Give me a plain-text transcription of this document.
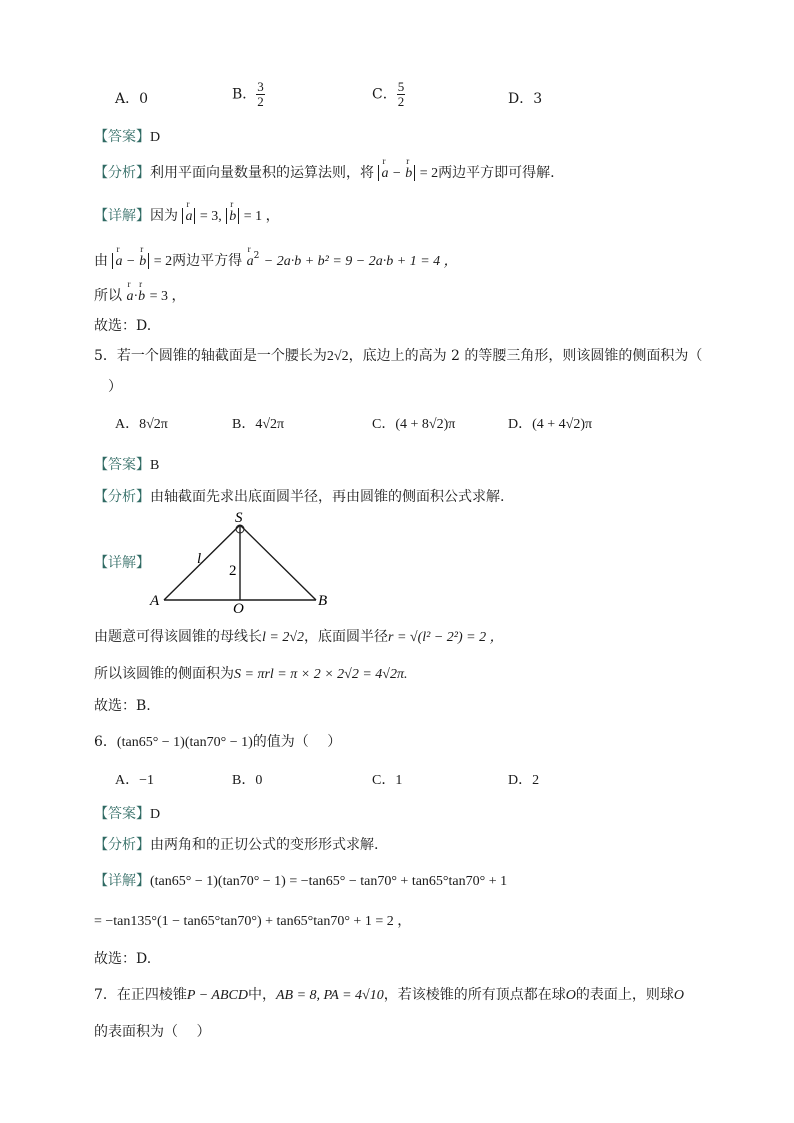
A．0	B． $\frac{3}{2}$	C． $\frac{5}{2}$	D．3
【答案】D
【分析】利用平面向量数量积的运算法则，将 r a − r b = 2两边平方即可得解.
【详解】因为 r a = 3, r b = 1 ，
由 r a − r b = 2两边平方得 r $a^2 - 2a\cdot b + b^2 = 9 - 2a\cdot b + 1 = 4$ ，
所以 r a·r b = 3 ，
故选：D.
5．若一个圆锥的轴截面是一个腰长为2√2，底边上的高为 2 的等腰三角形，则该圆锥的侧面积为（
）
A．8√2π	B．4√2π	C．(4 + 8√2)π	D．(4 + 4√2)π
【答案】B
【分析】由轴截面先求出底面圆半径，再由圆锥的侧面积公式求解.
【详解】
S
A	O	B
l
2
由题意可得该圆锥的母线长l = 2√2，底面圆半径r = √(l² − 2²) = 2 ，
所以该圆锥的侧面积为S = πrl = π × 2 × 2√2 = 4√2π.
故选：B.
6．(tan65° − 1)(tan70° − 1)的值为（　 ）
A．−1	B．0	C．1	D．2
【答案】D
【分析】由两角和的正切公式的变形形式求解.
【详解】(tan65° − 1)(tan70° − 1) = −tan65° − tan70° + tan65°tan70° + 1
= −tan135°(1 − tan65°tan70°) + tan65°tan70° + 1 = 2 ，
故选：D.
7．在正四棱锥P − ABCD中，AB = 8, PA = 4√10，若该棱锥的所有顶点都在球O的表面上，则球O
的表面积为（　 ）
